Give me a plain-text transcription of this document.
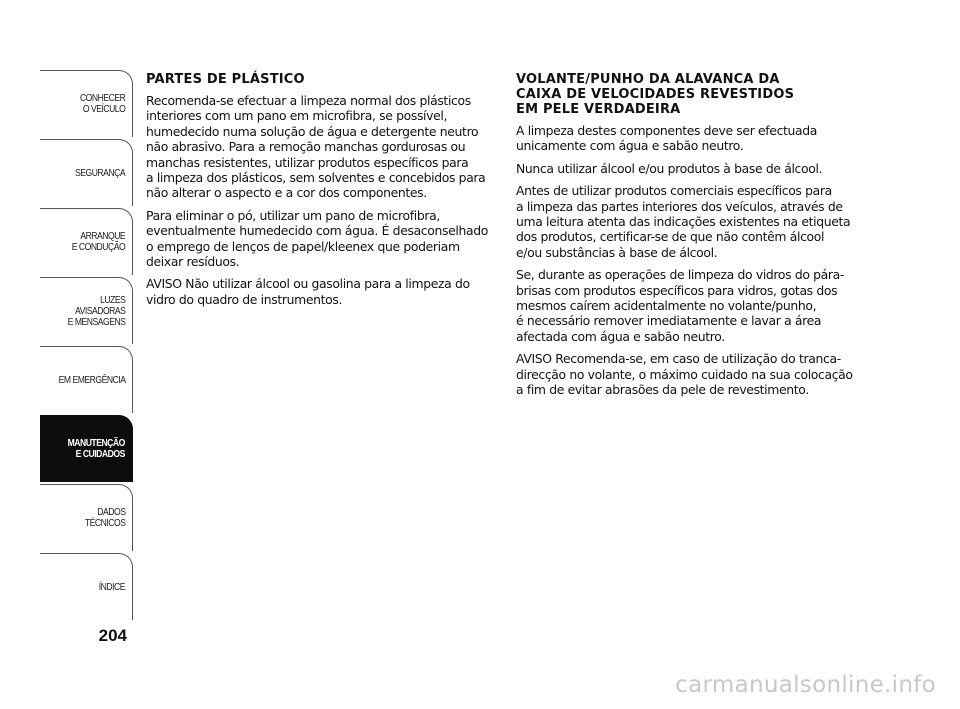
CONHECER
O VEÍCULO
SEGURANÇA
ARRANQUE
E CONDUÇÃO
LUZES
AVISADORAS
E MENSAGENS
EM EMERGÊNCIA
MANUTENÇÃO
E CUIDADOS
DADOS
TÉCNICOS
ÍNDICE
204
PARTES DE PLÁSTICO

Recomenda-se efectuar a limpeza normal dos plásticos
interiores com um pano em microfibra, se possível,
humedecido numa solução de água e detergente neutro
não abrasivo. Para a remoção manchas gordurosas ou
manchas resistentes, utilizar produtos específicos para
a limpeza dos plásticos, sem solventes e concebidos para
não alterar o aspecto e a cor dos componentes.

Para eliminar o pó, utilizar um pano de microfibra,
eventualmente humedecido com água. É desaconselhado
o emprego de lenços de papel/kleenex que poderiam
deixar resíduos.

AVISO Não utilizar álcool ou gasolina para a limpeza do
vidro do quadro de instrumentos.

VOLANTE/PUNHO DA ALAVANCA DA
CAIXA DE VELOCIDADES REVESTIDOS
EM PELE VERDADEIRA

A limpeza destes componentes deve ser efectuada
unicamente com água e sabão neutro.

Nunca utilizar álcool e/ou produtos à base de álcool.

Antes de utilizar produtos comerciais específicos para
a limpeza das partes interiores dos veículos, através de
uma leitura atenta das indicações existentes na etiqueta
dos produtos, certificar-se de que não contêm álcool
e/ou substâncias à base de álcool.

Se, durante as operações de limpeza do vidros do pára-
brisas com produtos específicos para vidros, gotas dos
mesmos caírem acidentalmente no volante/punho,
é necessário remover imediatamente e lavar a área
afectada com água e sabão neutro.

AVISO Recomenda-se, em caso de utilização do tranca-
direcção no volante, o máximo cuidado na sua colocação
a fim de evitar abrasões da pele de revestimento.

carmanualsonline.info
